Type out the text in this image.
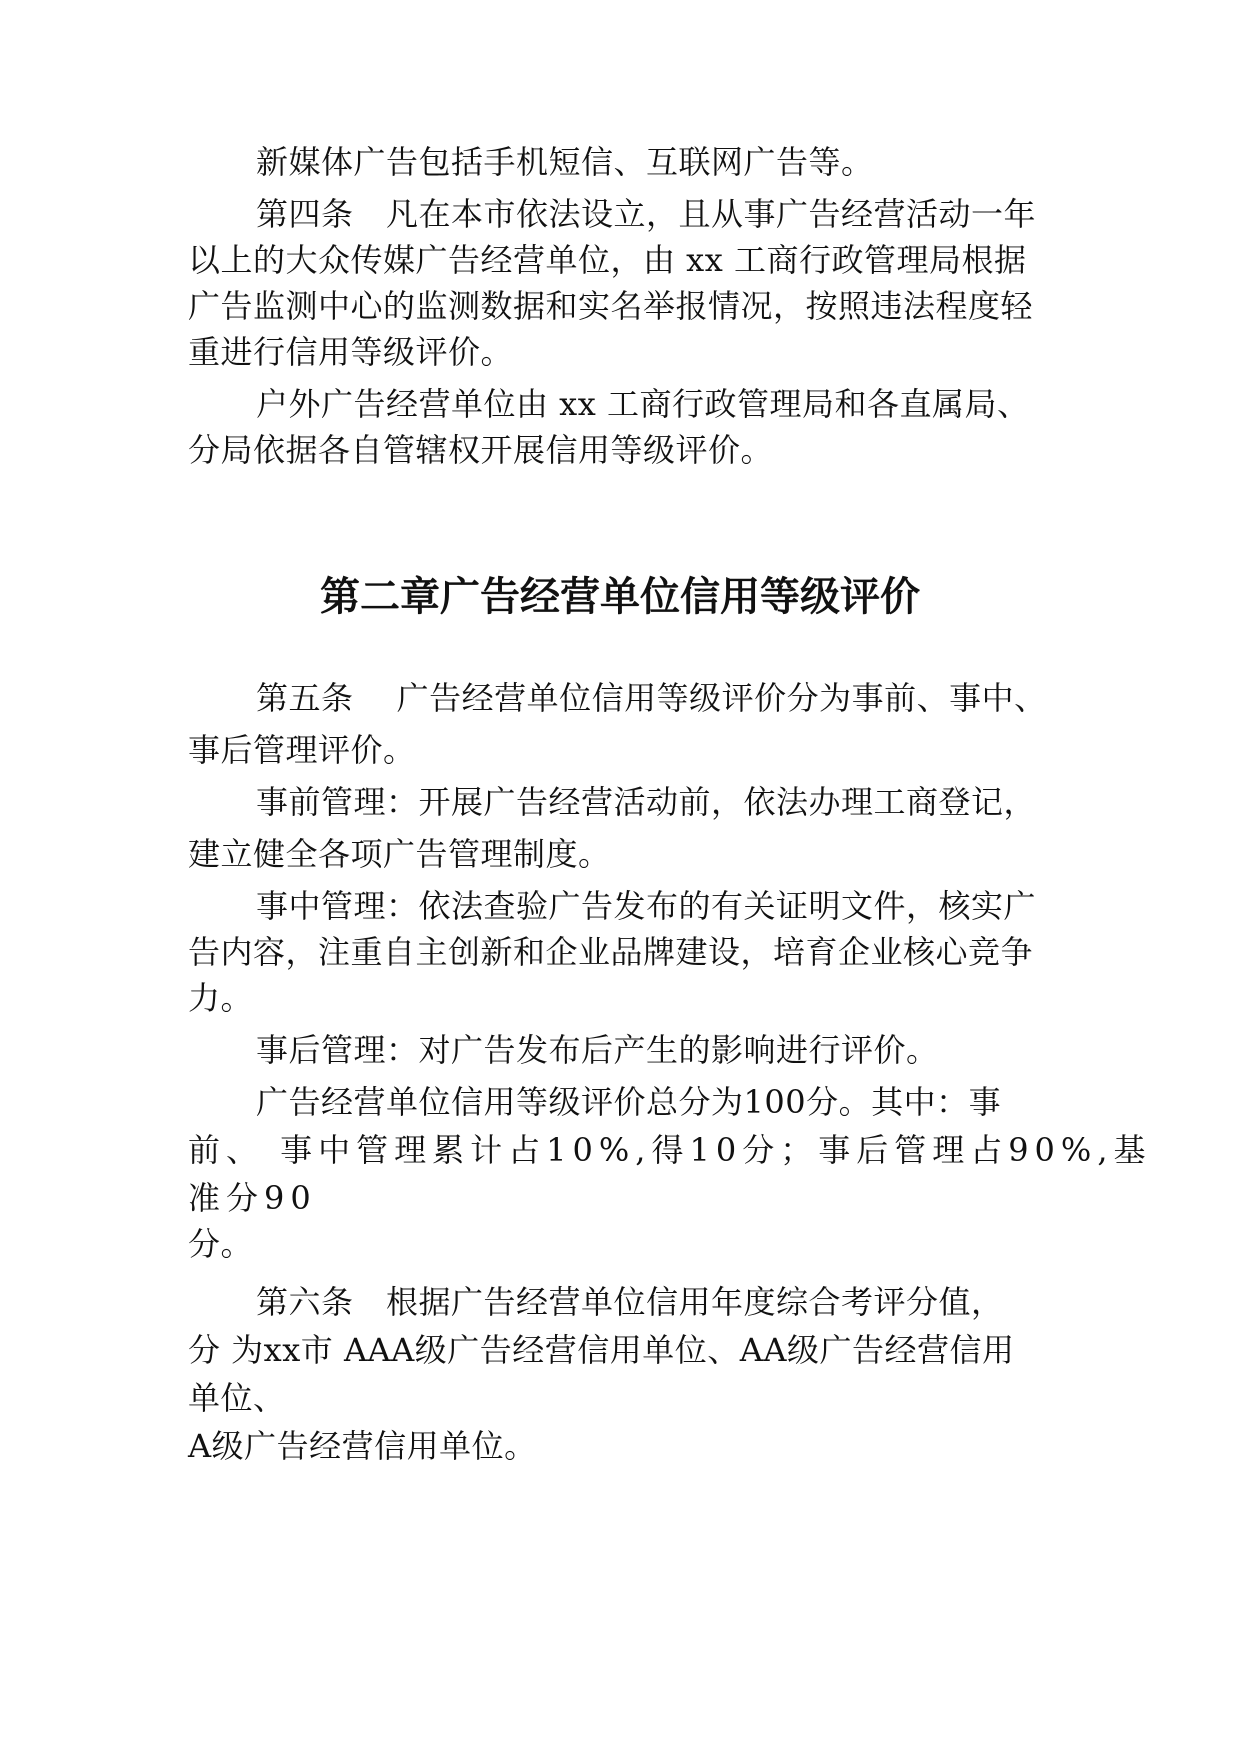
新媒体广告包括手机短信、互联网广告等。

第四条　凡在本市依法设立，且从事广告经营活动一年

以上的大众传媒广告经营单位，由 xx 工商行政管理局根据

广告监测中心的监测数据和实名举报情况，按照违法程度轻

重进行信用等级评价。

户外广告经营单位由 xx 工商行政管理局和各直属局、

分局依据各自管辖权开展信用等级评价。

第二章广告经营单位信用等级评价

第五条　 广告经营单位信用等级评价分为事前、事中、

事后管理评价。

事前管理：开展广告经营活动前，依法办理工商登记，

建立健全各项广告管理制度。

事中管理：依法查验广告发布的有关证明文件，核实广

告内容，注重自主创新和企业品牌建设，培育企业核心竞争

力。

事后管理：对广告发布后产生的影响进行评价。

广告经营单位信用等级评价总分为100分。其中：事

前、 事中管理累计占10%,得10分；事后管理占90%,基

准分90

分。

第六条　根据广告经营单位信用年度综合考评分值，

分 为xx市 AAA级广告经营信用单位、AA级广告经营信用

单位、

A级广告经营信用单位。
